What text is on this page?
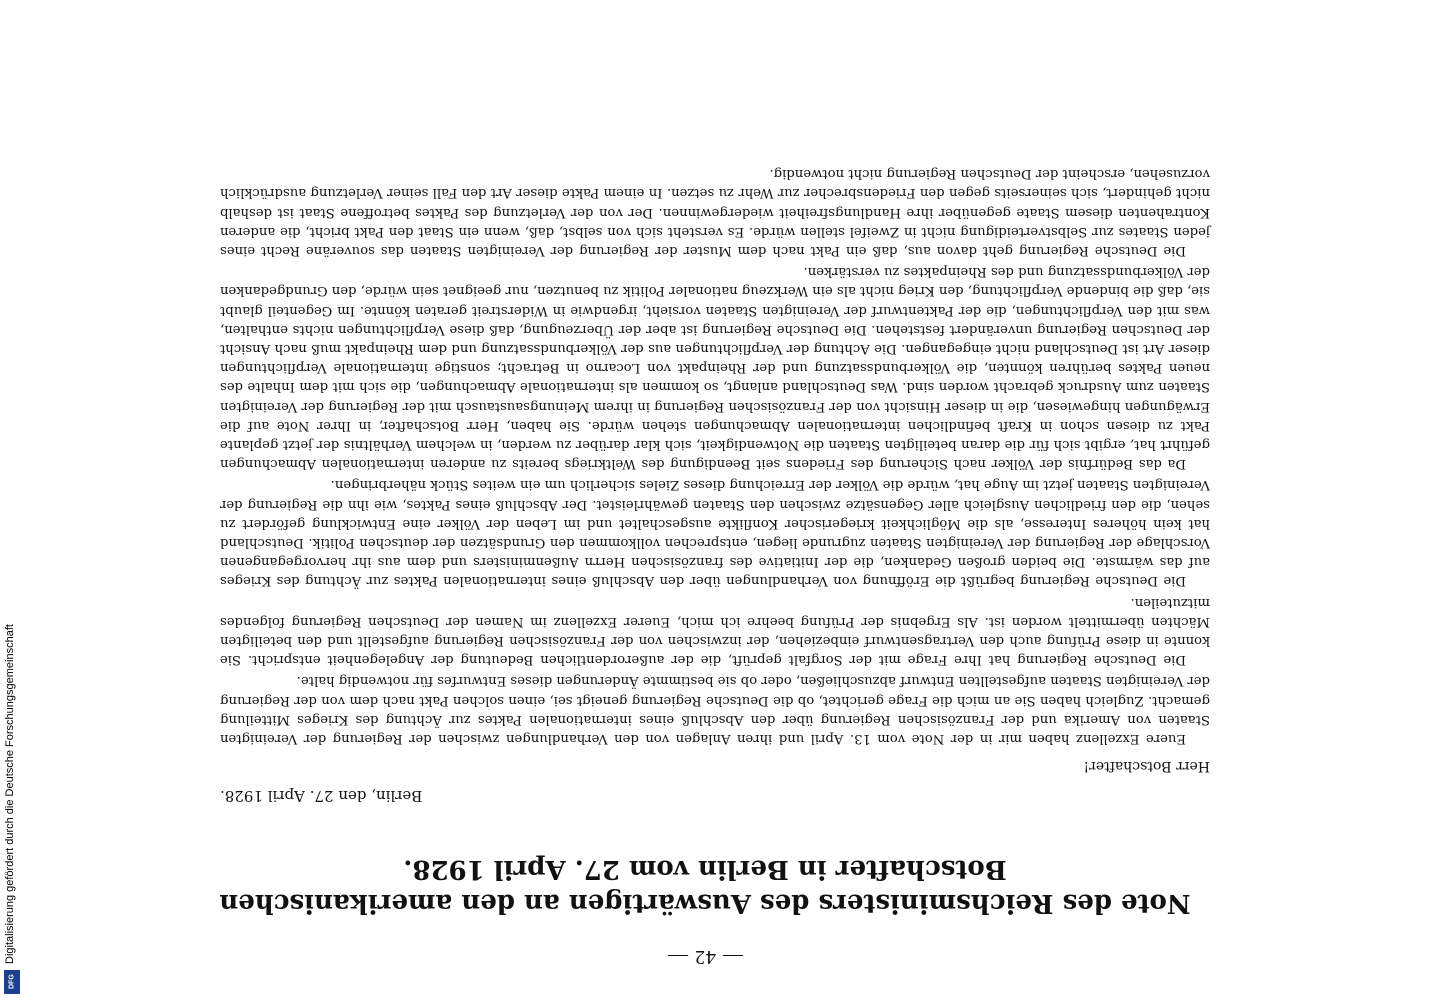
— 42 —
Note des Reichsministers des Auswärtigen an den amerikanischen
Botschafter in Berlin vom 27. April 1928.
Berlin, den 27. April 1928.
Herr Botschafter!

Euere Exzellenz haben mir in der Note vom 13. April und ihren Anlagen von den Verhandlungen zwischen der Regierung der Vereinigten Staaten von Amerika und der Französischen Regierung über den Abschluß eines internationalen Paktes zur Ächtung des Krieges Mitteilung gemacht. Zugleich haben Sie an mich die Frage gerichtet, ob die Deutsche Regierung geneigt sei, einen solchen Pakt nach dem von der Regierung der Vereinigten Staaten aufgestellten Entwurf abzuschließen, oder ob sie bestimmte Änderungen dieses Entwurfes für notwendig halte.

Die Deutsche Regierung hat Ihre Frage mit der Sorgfalt geprüft, die der außerordentlichen Bedeutung der Angelegenheit entspricht. Sie konnte in diese Prüfung auch den Vertragsentwurf einbeziehen, der inzwischen von der Französischen Regierung aufgestellt und den beteiligten Mächten übermittelt worden ist. Als Ergebnis der Prüfung beehre ich mich, Euerer Exzellenz im Namen der Deutschen Regierung folgendes mitzuteilen.

Die Deutsche Regierung begrüßt die Eröffnung von Verhandlungen über den Abschluß eines internationalen Paktes zur Ächtung des Krieges auf das wärmste. Die beiden großen Gedanken, die der Initiative des französischen Herrn Außenministers und dem aus ihr hervorgegangenen Vorschlage der Regierung der Vereinigten Staaten zugrunde liegen, entsprechen vollkommen den Grundsätzen der deutschen Politik. Deutschland hat kein höheres Interesse, als die Möglichkeit kriegerischer Konflikte ausgeschaltet und im Leben der Völker eine Entwicklung gefördert zu sehen, die den friedlichen Ausgleich aller Gegensätze zwischen den Staaten gewährleistet. Der Abschluß eines Paktes, wie ihn die Regierung der Vereinigten Staaten jetzt im Auge hat, würde die Völker der Erreichung dieses Zieles sicherlich um ein weites Stück näherbringen.

Da das Bedürfnis der Völker nach Sicherung des Friedens seit Beendigung des Weltkriegs bereits zu anderen internationalen Abmachungen geführt hat, ergibt sich für die daran beteiligten Staaten die Notwendigkeit, sich klar darüber zu werden, in welchem Verhältnis der jetzt geplante Pakt zu diesen schon in Kraft befindlichen internationalen Abmachungen stehen würde. Sie haben, Herr Botschafter, in Ihrer Note auf die Erwägungen hingewiesen, die in dieser Hinsicht von der Französischen Regierung in ihrem Meinungsaustausch mit der Regierung der Vereinigten Staaten zum Ausdruck gebracht worden sind. Was Deutschland anlangt, so kommen als internationale Abmachungen, die sich mit dem Inhalte des neuen Paktes berühren könnten, die Völkerbundssatzung und der Rheinpakt von Locarno in Betracht; sonstige internationale Verpflichtungen dieser Art ist Deutschland nicht eingegangen. Die Achtung der Verpflichtungen aus der Völkerbundssatzung und dem Rheinpakt muß nach Ansicht der Deutschen Regierung unverändert feststehen. Die Deutsche Regierung ist aber der Überzeugung, daß diese Verpflichtungen nichts enthalten, was mit den Verpflichtungen, die der Paktentwurf der Vereinigten Staaten vorsieht, irgendwie in Widerstreit geraten könnte. Im Gegenteil glaubt sie, daß die bindende Verpflichtung, den Krieg nicht als ein Werkzeug nationaler Politik zu benutzen, nur geeignet sein würde, den Grundgedanken der Völkerbundssatzung und des Rheinpaktes zu verstärken.

Die Deutsche Regierung geht davon aus, daß ein Pakt nach dem Muster der Regierung der Vereinigten Staaten das souveräne Recht eines jeden Staates zur Selbstverteidigung nicht in Zweifel stellen würde. Es versteht sich von selbst, daß, wenn ein Staat den Pakt bricht, die anderen Kontrahenten diesem Staate gegenüber ihre Handlungsfreiheit wiedergewinnen. Der von der Verletzung des Paktes betroffene Staat ist deshalb nicht gehindert, sich seinerseits gegen den Friedensbrecher zur Wehr zu setzen. In einem Pakte dieser Art den Fall seiner Verletzung ausdrücklich vorzusehen, erscheint der Deutschen Regierung nicht notwendig.

Digitalisierung gefördert durch die Deutsche Forschungsgemeinschaft
DFG
